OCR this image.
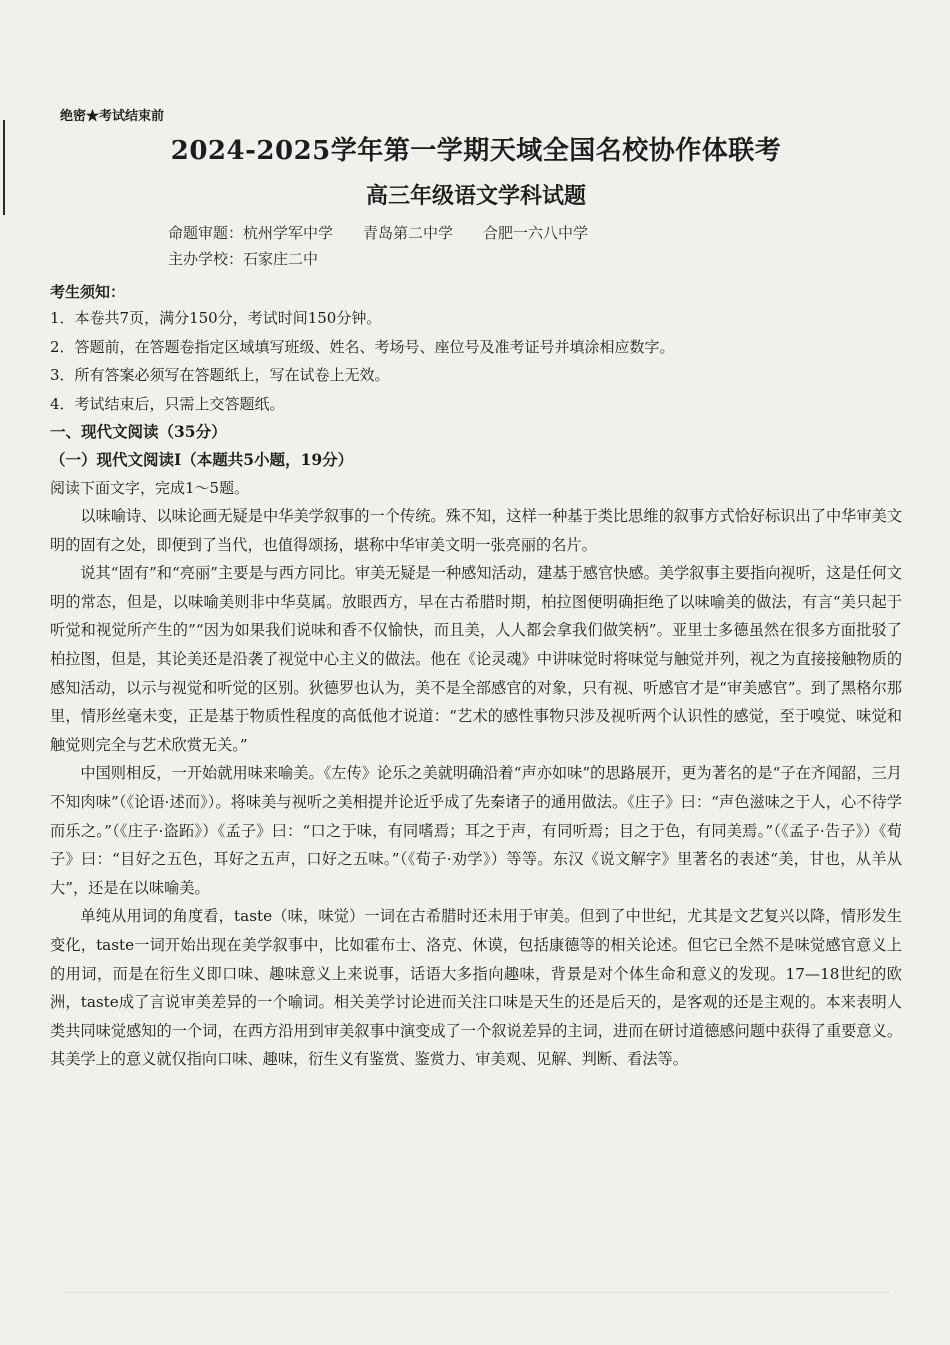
绝密★考试结束前
2024-2025学年第一学期天域全国名校协作体联考
高三年级语文学科试题
命题审题：杭州学军中学 青岛第二中学 合肥一六八中学
主办学校：石家庄二中
考生须知：
1．本卷共7页，满分150分，考试时间150分钟。
2．答题前，在答题卷指定区域填写班级、姓名、考场号、座位号及准考证号并填涂相应数字。
3．所有答案必须写在答题纸上，写在试卷上无效。
4．考试结束后，只需上交答题纸。
一、现代文阅读（35分）
（一）现代文阅读Ⅰ（本题共5小题，19分）
阅读下面文字，完成1～5题。

以味喻诗、以味论画无疑是中华美学叙事的一个传统。殊不知，这样一种基于类比思维的叙事方式恰好标识出了中华审美文明的固有之处，即便到了当代，也值得颂扬，堪称中华审美文明一张亮丽的名片。

说其“固有”和“亮丽”主要是与西方同比。审美无疑是一种感知活动，建基于感官快感。美学叙事主要指向视听，这是任何文明的常态，但是，以味喻美则非中华莫属。放眼西方，早在古希腊时期，柏拉图便明确拒绝了以味喻美的做法，有言“美只起于听觉和视觉所产生的”“因为如果我们说味和香不仅愉快，而且美，人人都会拿我们做笑柄”。亚里士多德虽然在很多方面批驳了柏拉图，但是，其论美还是沿袭了视觉中心主义的做法。他在《论灵魂》中讲味觉时将味觉与触觉并列，视之为直接接触物质的感知活动，以示与视觉和听觉的区别。狄德罗也认为，美不是全部感官的对象，只有视、听感官才是“审美感官”。到了黑格尔那里，情形丝毫未变，正是基于物质性程度的高低他才说道：“艺术的感性事物只涉及视听两个认识性的感觉，至于嗅觉、味觉和触觉则完全与艺术欣赏无关。”

中国则相反，一开始就用味来喻美。《左传》论乐之美就明确沿着“声亦如味”的思路展开，更为著名的是“子在齐闻韶，三月不知肉味”（《论语·述而》）。将味美与视听之美相提并论近乎成了先秦诸子的通用做法。《庄子》曰：“声色滋味之于人，心不待学而乐之。”（《庄子·盗跖》）《孟子》曰：“口之于味，有同嗜焉；耳之于声，有同听焉；目之于色，有同美焉。”（《孟子·告子》）《荀子》曰：“目好之五色，耳好之五声，口好之五味。”（《荀子·劝学》）等等。东汉《说文解字》里著名的表述“美，甘也，从羊从大”，还是在以味喻美。

单纯从用词的角度看，taste（味，味觉）一词在古希腊时还未用于审美。但到了中世纪，尤其是文艺复兴以降，情形发生变化，taste一词开始出现在美学叙事中，比如霍布士、洛克、休谟，包括康德等的相关论述。但它已全然不是味觉感官意义上的用词，而是在衍生义即口味、趣味意义上来说事，话语大多指向趣味，背景是对个体生命和意义的发现。17—18世纪的欧洲，taste成了言说审美差异的一个喻词。相关美学讨论进而关注口味是天生的还是后天的，是客观的还是主观的。本来表明人类共同味觉感知的一个词，在西方沿用到审美叙事中演变成了一个叙说差异的主词，进而在研讨道德感问题中获得了重要意义。其美学上的意义就仅指向口味、趣味，衍生义有鉴赏、鉴赏力、审美观、见解、判断、看法等。
